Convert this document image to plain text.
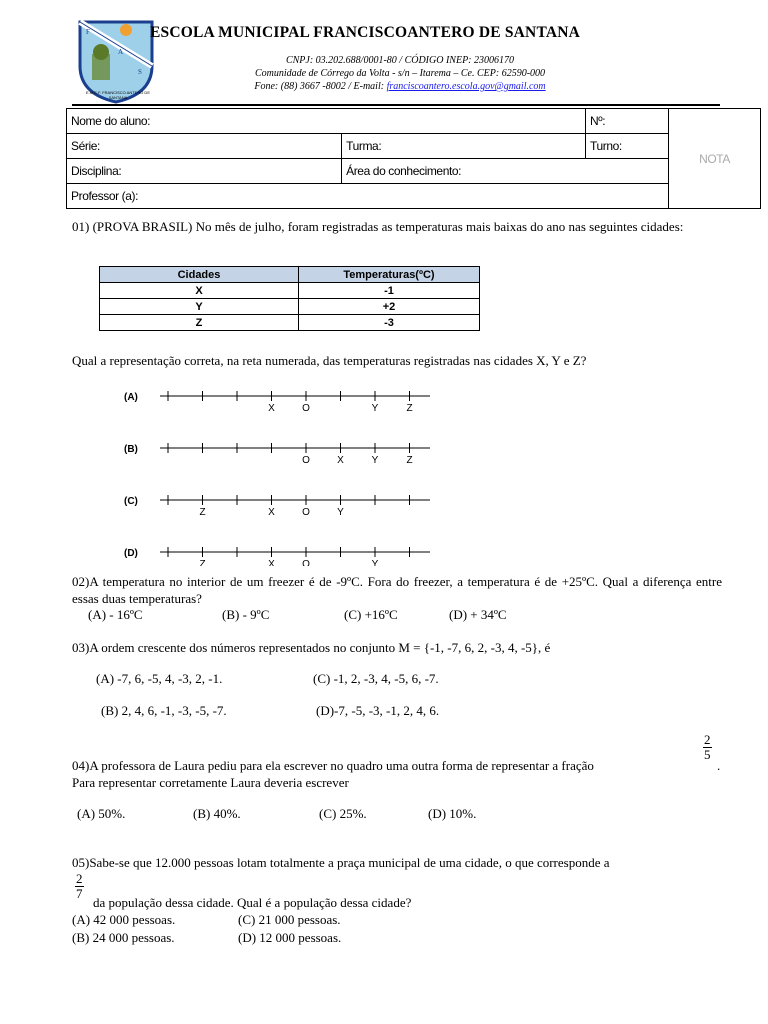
F
A
S
E.M.E.F. FRANCISCO ANTERO DE SANTANA
ESCOLA MUNICIPAL FRANCISCOANTERO DE SANTANA
CNPJ: 03.202.688/0001-80 / CÓDIGO INEP: 23006170
Comunidade de Córrego da Volta - s/n – Itarema – Ce. CEP: 62590-000
Fone: (88) 3667 -8002 / E-mail: franciscoantero.escola.gov@gmail.com
Nome do aluno:		Nº:	NOTA
Série:	Turma:	Turno:	
Disciplina:	Área do conhecimento:		
Professor (a):			
01) (PROVA BRASIL) No mês de julho, foram registradas as temperaturas mais baixas do ano nas seguintes cidades:
Cidades	Temperaturas(ºC)
X	-1
Y	+2
Z	-3
Qual a representação correta, na reta numerada, das temperaturas registradas nas cidades X, Y e Z?
(A)
X	O	Y	Z
(B)
O	X	Y	Z
(C)
Z	X	O	Y
(D)
Z	X	O	Y
02)A temperatura no interior de um freezer é de -9ºC. Fora do freezer, a temperatura é de +25ºC. Qual a diferença entre essas duas temperaturas?
(A) - 16ºC	(B) - 9ºC	(C) +16ºC	(D) + 34ºC
03)A ordem crescente dos números representados no conjunto M = {-1, -7, 6, 2, -3, 4, -5}, é
(A) -7, 6, -5, 4, -3, 2, -1.	(C) -1, 2, -3, 4, -5, 6, -7.
(B) 2, 4, 6, -1, -3, -5, -7.	(D)-7, -5, -3, -1, 2, 4, 6.
04)A professora de Laura pediu para ela escrever no quadro uma outra forma de representar a fração
$\frac{2}{5}$
.
Para representar corretamente Laura deveria escrever
(A) 50%.	(B) 40%.	(C) 25%.	(D) 10%.
05)Sabe-se que 12.000 pessoas lotam totalmente a praça municipal de uma cidade, o que corresponde a
$\frac{2}{7}$
da população dessa cidade. Qual é a população dessa cidade?
(A) 42 000 pessoas.	(C) 21 000 pessoas.
(B) 24 000 pessoas.	(D) 12 000 pessoas.
